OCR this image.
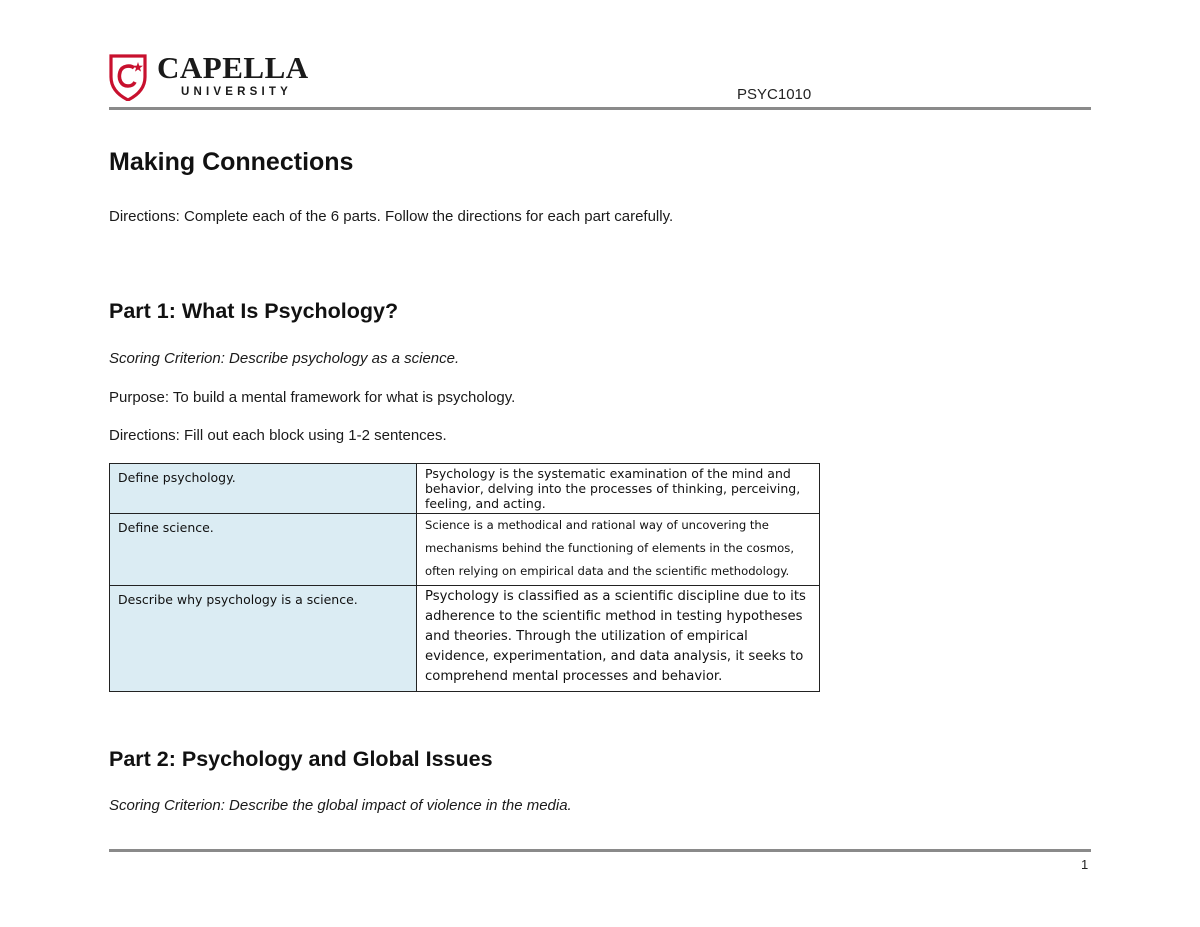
CAPELLA
UNIVERSITY	PSYC1010
Making Connections
Directions: Complete each of the 6 parts. Follow the directions for each part carefully.
Part 1: What Is Psychology?
Scoring Criterion: Describe psychology as a science.
Purpose: To build a mental framework for what is psychology.
Directions: Fill out each block using 1-2 sentences.
Define psychology.	Psychology is the systematic examination of the mind and behavior, delving into the processes of thinking, perceiving, feeling, and acting.
Define science.	Science is a methodical and rational way of uncovering the mechanisms behind the functioning of elements in the cosmos, often relying on empirical data and the scientific methodology.
Describe why psychology is a science.	Psychology is classified as a scientific discipline due to its adherence to the scientific method in testing hypotheses and theories. Through the utilization of empirical evidence, experimentation, and data analysis, it seeks to comprehend mental processes and behavior.
Part 2: Psychology and Global Issues
Scoring Criterion: Describe the global impact of violence in the media.
1
